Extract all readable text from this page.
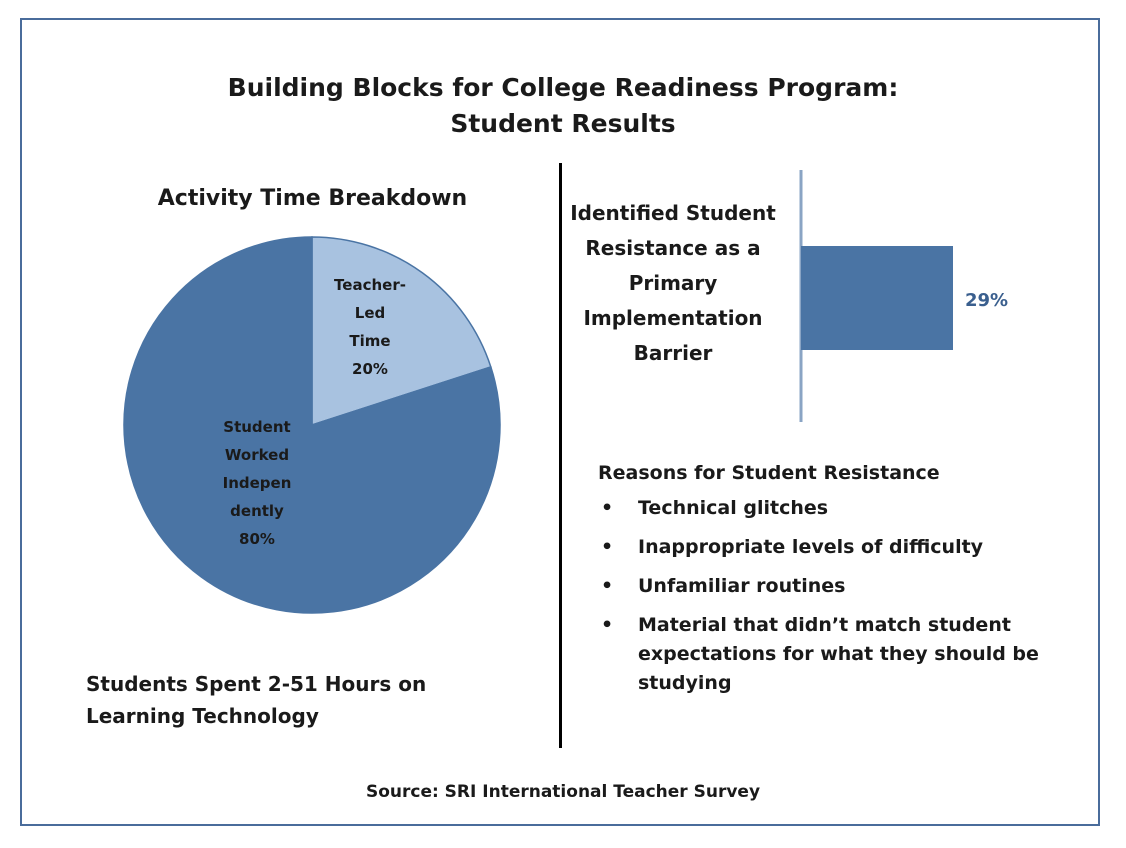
Building Blocks for College Readiness Program:
Student Results
Activity Time Breakdown
Teacher-Led Time 20%
Student Worked Indepen dently 80%
Students Spent 2-51 Hours on Learning Technology
Identified Student Resistance as a Primary Implementation Barrier
29%
Reasons for Student Resistance
• Technical glitches
• Inappropriate levels of difficulty
• Unfamiliar routines
• Material that didn’t match student expectations for what they should be studying
Source: SRI International Teacher Survey
